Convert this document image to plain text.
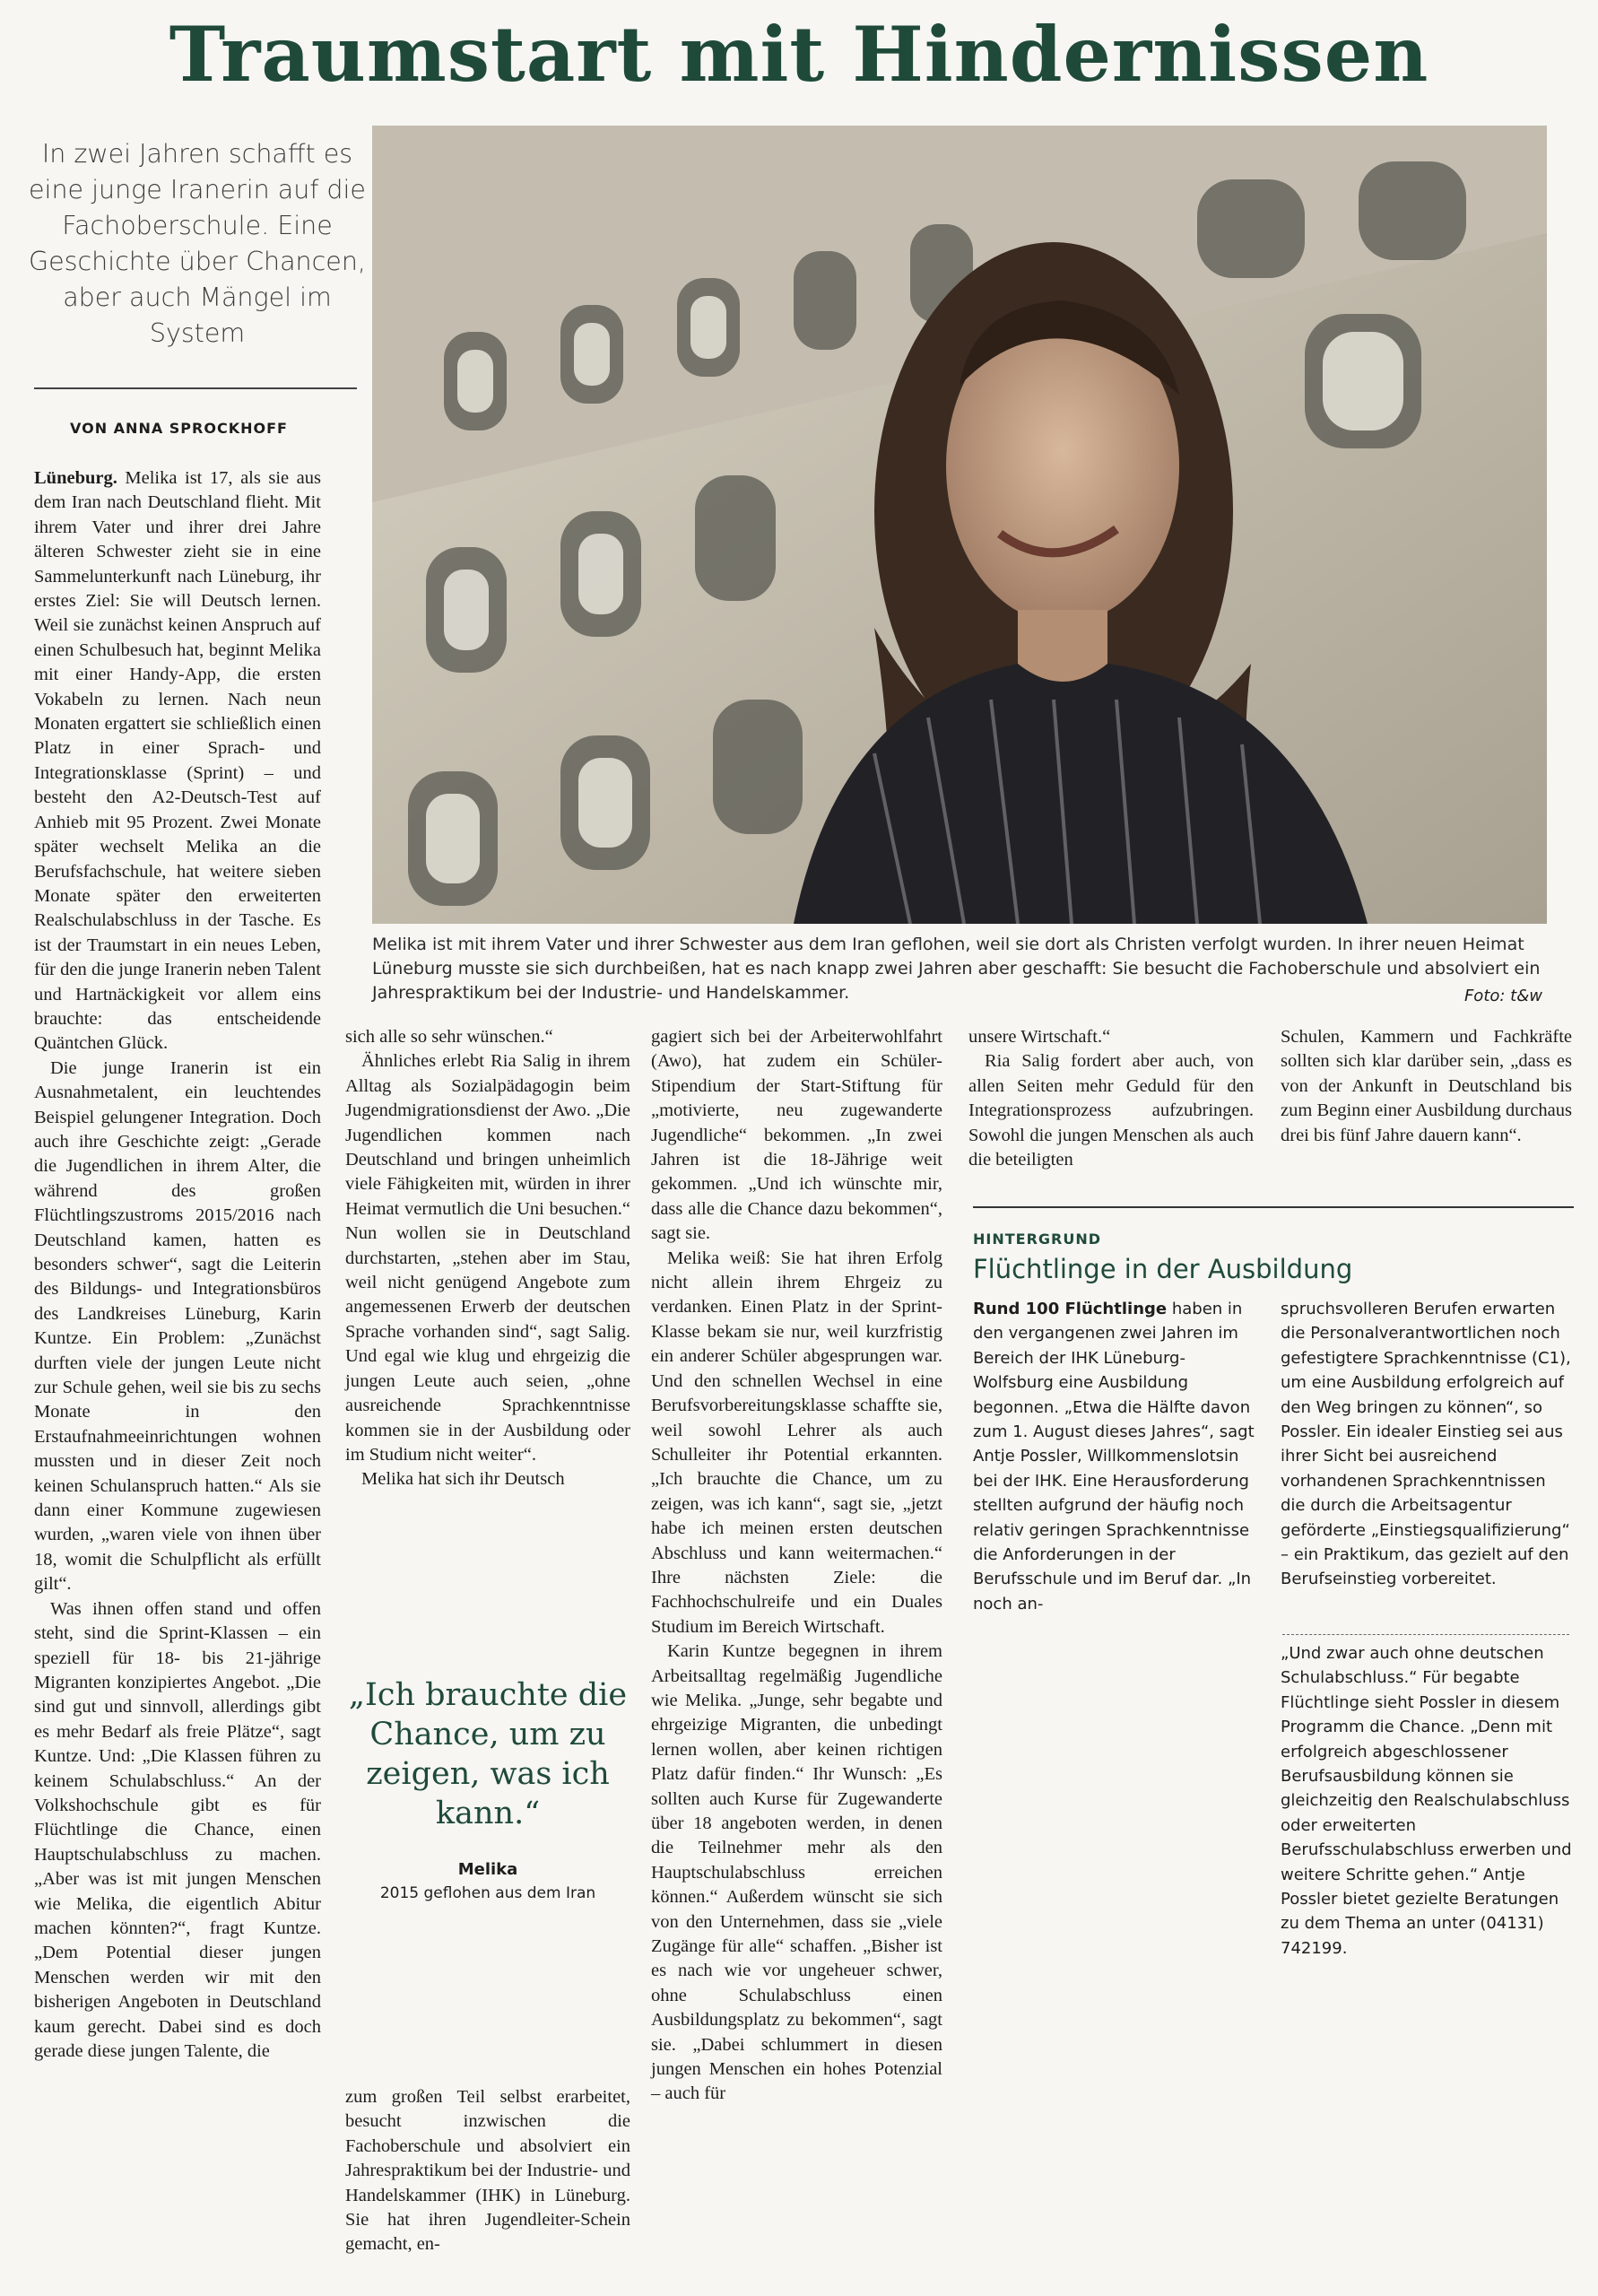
Traumstart mit Hindernissen
In zwei Jahren schafft es eine junge Iranerin auf die Fachoberschule. Eine Geschichte über Chancen, aber auch Mängel im System
VON ANNA SPROCKHOFF
Melika ist mit ihrem Vater und ihrer Schwester aus dem Iran geflohen, weil sie dort als Christen verfolgt wurden. In ihrer neuen Heimat Lüneburg musste sie sich durchbeißen, hat es nach knapp zwei Jahren aber geschafft: Sie besucht die Fachoberschule und absolviert ein Jahrespraktikum bei der Industrie- und Handelskammer.	Foto: t&w

Lüneburg. Melika ist 17, als sie aus dem Iran nach Deutschland flieht. Mit ihrem Vater und ihrer drei Jahre älteren Schwester zieht sie in eine Sammelunterkunft nach Lüneburg, ihr erstes Ziel: Sie will Deutsch lernen. Weil sie zunächst keinen Anspruch auf einen Schulbesuch hat, beginnt Melika mit einer Handy-App, die ersten Vokabeln zu lernen. Nach neun Monaten ergattert sie schließlich einen Platz in einer Sprach- und Integrationsklasse (Sprint) – und besteht den A2-Deutsch-Test auf Anhieb mit 95 Prozent. Zwei Monate später wechselt Melika an die Berufsfachschule, hat weitere sieben Monate später den erweiterten Realschulabschluss in der Tasche. Es ist der Traumstart in ein neues Leben, für den die junge Iranerin neben Talent und Hartnäckigkeit vor allem eins brauchte: das entscheidende Quäntchen Glück.

Die junge Iranerin ist ein Ausnahmetalent, ein leuchtendes Beispiel gelungener Integration. Doch auch ihre Geschichte zeigt: „Gerade die Jugendlichen in ihrem Alter, die während des großen Flüchtlingszustroms 2015/2016 nach Deutschland kamen, hatten es besonders schwer“, sagt die Leiterin des Bildungs- und Integrationsbüros des Landkreises Lüneburg, Karin Kuntze. Ein Problem: „Zunächst durften viele der jungen Leute nicht zur Schule gehen, weil sie bis zu sechs Monate in den Erstaufnahmeeinrichtungen wohnen mussten und in dieser Zeit noch keinen Schulanspruch hatten.“ Als sie dann einer Kommune zugewiesen wurden, „waren viele von ihnen über 18, womit die Schulpflicht als erfüllt gilt“.

Was ihnen offen stand und offen steht, sind die Sprint-Klassen – ein speziell für 18- bis 21-jährige Migranten konzipiertes Angebot. „Die sind gut und sinnvoll, allerdings gibt es mehr Bedarf als freie Plätze“, sagt Kuntze. Und: „Die Klassen führen zu keinem Schulabschluss.“ An der Volkshochschule gibt es für Flüchtlinge die Chance, einen Hauptschulabschluss zu machen. „Aber was ist mit jungen Menschen wie Melika, die eigentlich Abitur machen könnten?“, fragt Kuntze. „Dem Potential dieser jungen Menschen werden wir mit den bisherigen Angeboten in Deutschland kaum gerecht. Dabei sind es doch gerade diese jungen Talente, die

sich alle so sehr wünschen.“

Ähnliches erlebt Ria Salig in ihrem Alltag als Sozialpädagogin beim Jugendmigrationsdienst der Awo. „Die Jugendlichen kommen nach Deutschland und bringen unheimlich viele Fähigkeiten mit, würden in ihrer Heimat vermutlich die Uni besuchen.“ Nun wollen sie in Deutschland durchstarten, „stehen aber im Stau, weil nicht genügend Angebote zum angemessenen Erwerb der deutschen Sprache vorhanden sind“, sagt Salig. Und egal wie klug und ehrgeizig die jungen Leute auch seien, „ohne ausreichende Sprachkenntnisse kommen sie in der Ausbildung oder im Studium nicht weiter“.

Melika hat sich ihr Deutsch

„Ich brauchte die Chance, um zu zeigen, was ich kann.“
Melika
2015 geflohen aus dem Iran

zum großen Teil selbst erarbeitet, besucht inzwischen die Fachoberschule und absolviert ein Jahrespraktikum bei der Industrie- und Handelskammer (IHK) in Lüneburg. Sie hat ihren Jugendleiter-Schein gemacht, en-

gagiert sich bei der Arbeiterwohlfahrt (Awo), hat zudem ein Schüler-Stipendium der Start-Stiftung für „motivierte, neu zugewanderte Jugendliche“ bekommen. „In zwei Jahren ist die 18-Jährige weit gekommen. „Und ich wünschte mir, dass alle die Chance dazu bekommen“, sagt sie.

Melika weiß: Sie hat ihren Erfolg nicht allein ihrem Ehrgeiz zu verdanken. Einen Platz in der Sprint-Klasse bekam sie nur, weil kurzfristig ein anderer Schüler abgesprungen war. Und den schnellen Wechsel in eine Berufsvorbereitungsklasse schaffte sie, weil sowohl Lehrer als auch Schulleiter ihr Potential erkannten. „Ich brauchte die Chance, um zu zeigen, was ich kann“, sagt sie, „jetzt habe ich meinen ersten deutschen Abschluss und kann weitermachen.“ Ihre nächsten Ziele: die Fachhochschulreife und ein Duales Studium im Bereich Wirtschaft.

Karin Kuntze begegnen in ihrem Arbeitsalltag regelmäßig Jugendliche wie Melika. „Junge, sehr begabte und ehrgeizige Migranten, die unbedingt lernen wollen, aber keinen richtigen Platz dafür finden.“ Ihr Wunsch: „Es sollten auch Kurse für Zugewanderte über 18 angeboten werden, in denen die Teilnehmer mehr als den Hauptschulabschluss erreichen können.“ Außerdem wünscht sie sich von den Unternehmen, dass sie „viele Zugänge für alle“ schaffen. „Bisher ist es nach wie vor ungeheuer schwer, ohne Schulabschluss einen Ausbildungsplatz zu bekommen“, sagt sie. „Dabei schlummert in diesen jungen Menschen ein hohes Potenzial – auch für

unsere Wirtschaft.“

Ria Salig fordert aber auch, von allen Seiten mehr Geduld für den Integrationsprozess aufzubringen. Sowohl die jungen Menschen als auch die beteiligten

Schulen, Kammern und Fachkräfte sollten sich klar darüber sein, „dass es von der Ankunft in Deutschland bis zum Beginn einer Ausbildung durchaus drei bis fünf Jahre dauern kann“.

HINTERGRUND
Flüchtlinge in der Ausbildung

Rund 100 Flüchtlinge haben in den vergangenen zwei Jahren im Bereich der IHK Lüneburg-Wolfsburg eine Ausbildung begonnen. „Etwa die Hälfte davon zum 1. August dieses Jahres“, sagt Antje Possler, Willkommenslotsin bei der IHK. Eine Herausforderung stellten aufgrund der häufig noch relativ geringen Sprachkenntnisse die Anforderungen in der Berufsschule und im Beruf dar. „In noch an-

spruchsvolleren Berufen erwarten die Personalverantwortlichen noch gefestigtere Sprachkenntnisse (C1), um eine Ausbildung erfolgreich auf den Weg bringen zu können“, so Possler. Ein idealer Einstieg sei aus ihrer Sicht bei ausreichend vorhandenen Sprachkenntnissen die durch die Arbeitsagentur geförderte „Einstiegsqualifizierung“ – ein Praktikum, das gezielt auf den Berufseinstieg vorbereitet.

„Und zwar auch ohne deutschen Schulabschluss.“ Für begabte Flüchtlinge sieht Possler in diesem Programm die Chance. „Denn mit erfolgreich abgeschlossener Berufsausbildung können sie gleichzeitig den Realschulabschluss oder erweiterten Berufsschulabschluss erwerben und weitere Schritte gehen.“ Antje Possler bietet gezielte Beratungen zu dem Thema an unter (04131) 742199.
